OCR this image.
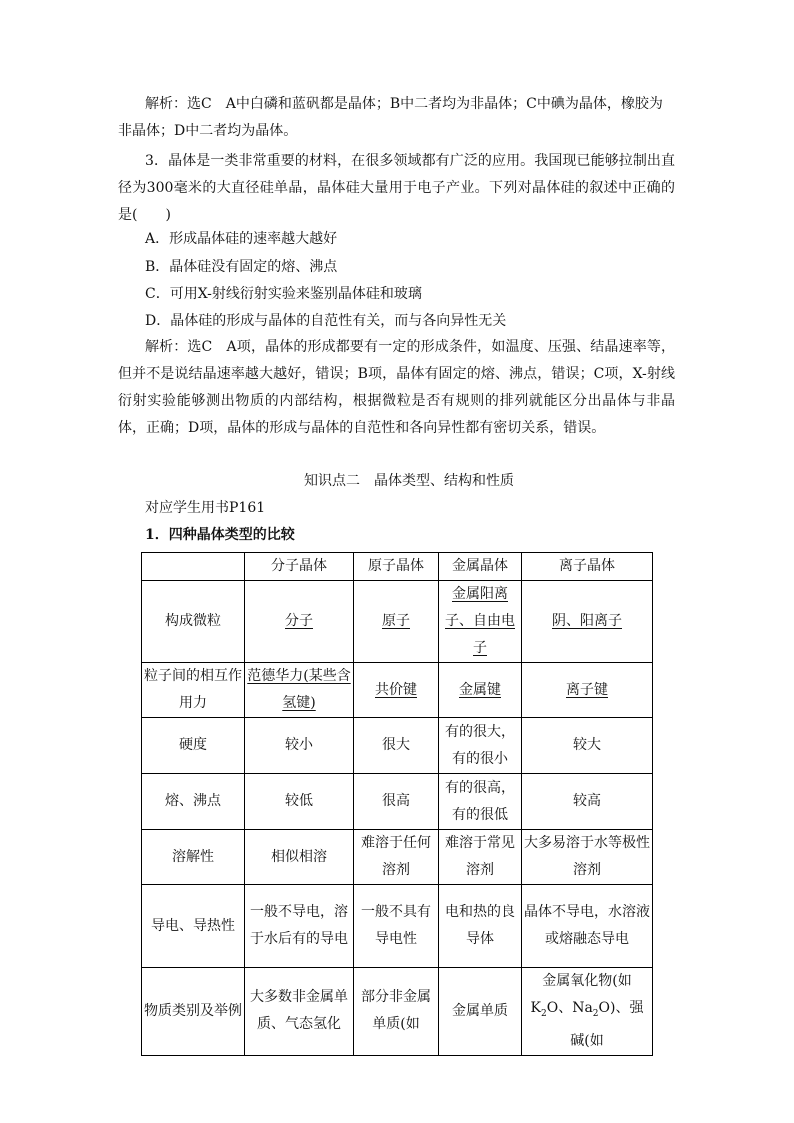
解析：选C　A中白磷和蓝矾都是晶体；B中二者均为非晶体；C中碘为晶体，橡胶为

非晶体；D中二者均为晶体。

3．晶体是一类非常重要的材料，在很多领域都有广泛的应用。我国现已能够拉制出直径为300毫米的大直径硅单晶，晶体硅大量用于电子产业。下列对晶体硅的叙述中正确的是(　　)

A．形成晶体硅的速率越大越好

B．晶体硅没有固定的熔、沸点

C．可用X-射线衍射实验来鉴别晶体硅和玻璃

D．晶体硅的形成与晶体的自范性有关，而与各向异性无关

解析：选C　A项，晶体的形成都要有一定的形成条件，如温度、压强、结晶速率等，但并不是说结晶速率越大越好，错误；B项，晶体有固定的熔、沸点，错误；C项，X-射线衍射实验能够测出物质的内部结构，根据微粒是否有规则的排列就能区分出晶体与非晶体，正确；D项，晶体的形成与晶体的自范性和各向异性都有密切关系，错误。

知识点二　晶体类型、结构和性质

对应学生用书P161

1．四种晶体类型的比较

	分子晶体	原子晶体	金属晶体	离子晶体
构成微粒	分子	原子	金属阳离子、自由电子	阴、阳离子
粒子间的相互作用力	范德华力(某些含氢键)	共价键	金属键	离子键
硬度	较小	很大	有的很大，有的很小	较大
熔、沸点	较低	很高	有的很高，有的很低	较高
溶解性	相似相溶	难溶于任何溶剂	难溶于常见溶剂	大多易溶于水等极性溶剂
导电、导热性	一般不导电，溶于水后有的导电	一般不具有导电性	电和热的良导体	晶体不导电，水溶液或熔融态导电
物质类别及举例	大多数非金属单质、气态氢化	部分非金属单质(如	金属单质	金属氧化物(如$K_2O$、$Na_2O$)、强碱(如
